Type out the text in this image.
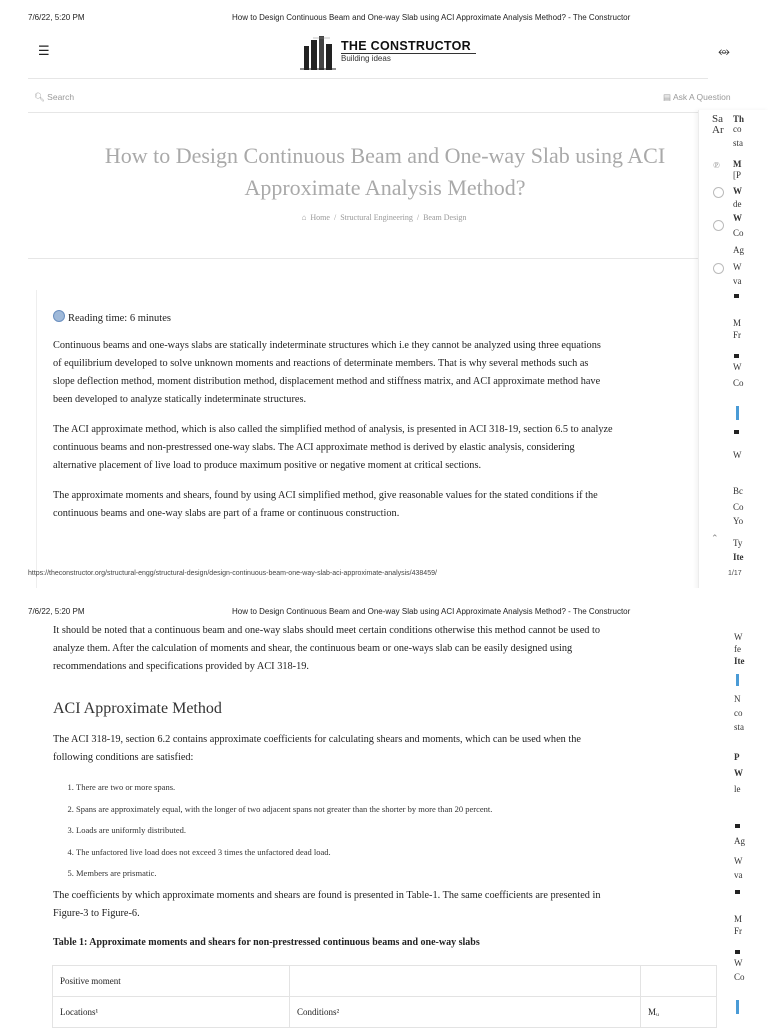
7/6/22, 5:20 PM	How to Design Continuous Beam and One-way Slab using ACI Approximate Analysis Method? - The Constructor
☰	THE CONSTRUCTOR
Building ideas	⥈
🔍︎ Search	▤ Ask A Question
How to Design Continuous Beam and One-way Slab using ACI
Approximate Analysis Method?
⌂ Home / Structural Engineering / Beam Design
Reading time: 6 minutes
Continuous beams and one-ways slabs are statically indeterminate structures which i.e they cannot be analyzed using three equations
of equilibrium developed to solve unknown moments and reactions of determinate members. That is why several methods such as
slope deflection method, moment distribution method, displacement method and stiffness matrix, and ACI approximate method have
been developed to analyze statically indeterminate structures.
The ACI approximate method, which is also called the simplified method of analysis, is presented in ACI 318-19, section 6.5 to analyze
continuous beams and non-prestressed one-way slabs. The ACI approximate method is derived by elastic analysis, considering
alternative placement of live load to produce maximum positive or negative moment at critical sections.
The approximate moments and shears, found by using ACI simplified method, give reasonable values for the stated conditions if the
continuous beams and one-way slabs are part of a frame or continuous construction.
Sa
Ar
Th
co
sta
℗ M
[P
W
de
W
Co
Ag
W
va
M
Fr
W
Co
W
Bc
Co
Yo
Ty
Ite
⌃
https://theconstructor.org/structural-engg/structural-design/design-continuous-beam-one-way-slab-aci-approximate-analysis/438459/	1/17
7/6/22, 5:20 PM	How to Design Continuous Beam and One-way Slab using ACI Approximate Analysis Method? - The Constructor
It should be noted that a continuous beam and one-way slabs should meet certain conditions otherwise this method cannot be used to
analyze them. After the calculation of moments and shear, the continuous beam or one-ways slab can be easily designed using
recommendations and specifications provided by ACI 318-19.
ACI Approximate Method
The ACI 318-19, section 6.2 contains approximate coefficients for calculating shears and moments, which can be used when the
following conditions are satisfied:
1. There are two or more spans.
2. Spans are approximately equal, with the longer of two adjacent spans not greater than the shorter by more than 20 percent.
3. Loads are uniformly distributed.
4. The unfactored live load does not exceed 3 times the unfactored dead load.
5. Members are prismatic.
The coefficients by which approximate moments and shears are found is presented in Table-1. The same coefficients are presented in
Figure-3 to Figure-6.
Table 1: Approximate moments and shears for non-prestressed continuous beams and one-way slabs
Positive moment		
Locations¹	Conditions²	Mᵤ
W
fe
Ite
N
co
sta
P
W
le
Ag
W
va
M
Fr
W
Co
